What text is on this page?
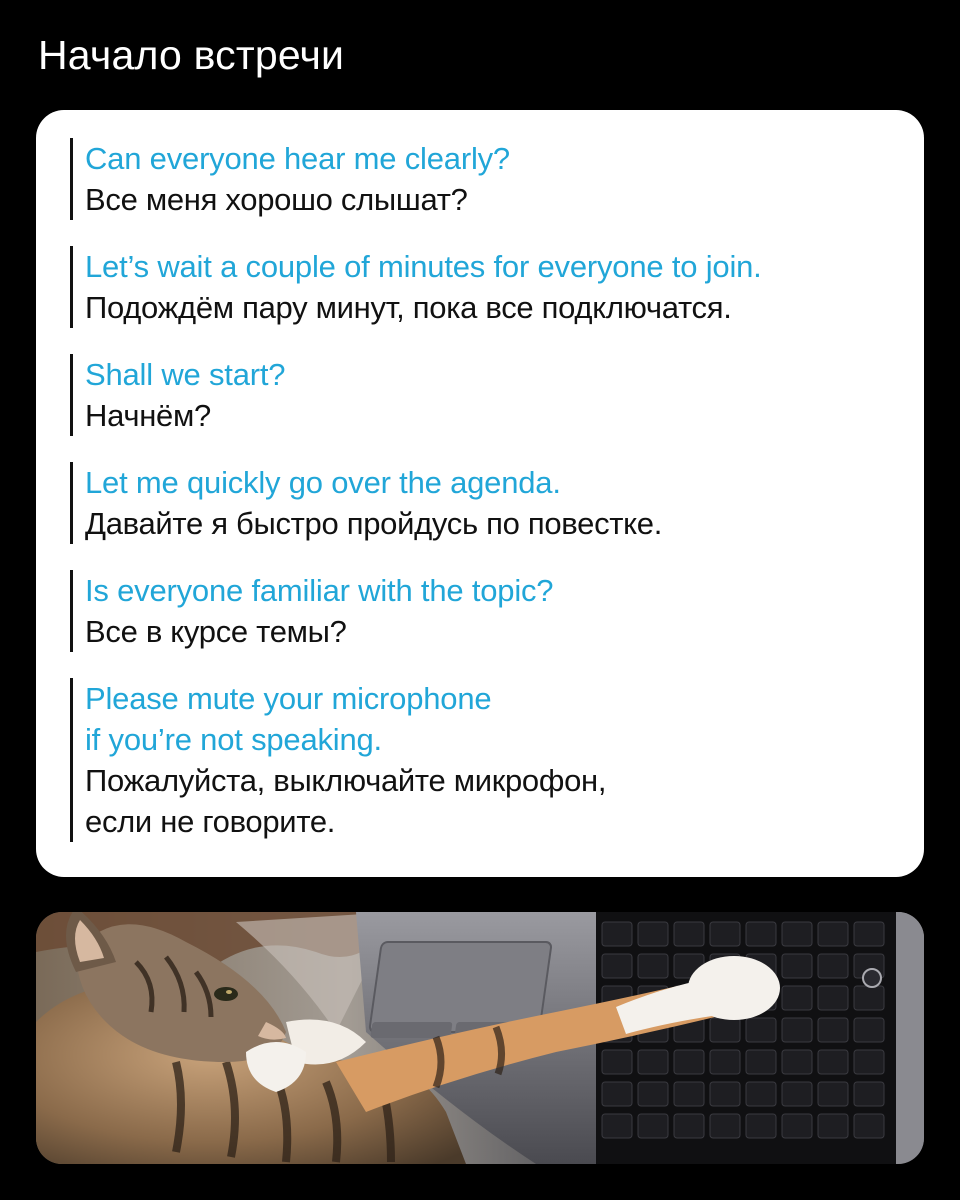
Начало встречи
Can everyone hear me clearly?
Все меня хорошо слышат?
Let’s wait a couple of minutes for everyone to join.
Подождём пару минут, пока все подключатся.
Shall we start?
Начнём?
Let me quickly go over the agenda.
Давайте я быстро пройдусь по повестке.
Is everyone familiar with the topic?
Все в курсе темы?
Please mute your microphone
if you’re not speaking.
Пожалуйста, выключайте микрофон,
если не говорите.
